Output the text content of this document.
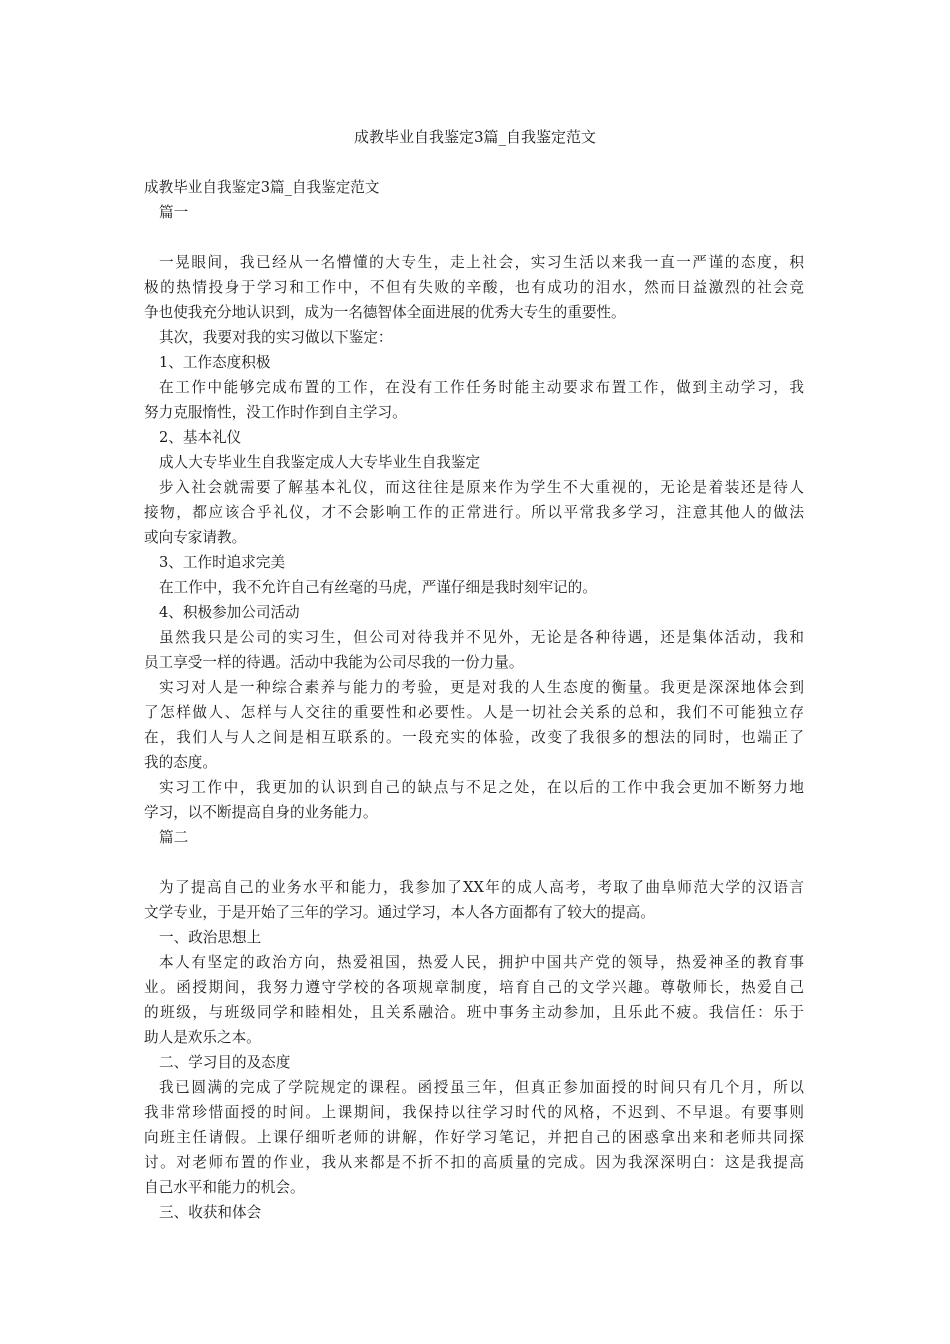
成教毕业自我鉴定3篇_自我鉴定范文
成教毕业自我鉴定3篇_自我鉴定范文
篇一
一晃眼间，我已经从一名懵懂的大专生，走上社会，实习生活以来我一直一严谨的态度，积
极的热情投身于学习和工作中，不但有失败的辛酸，也有成功的泪水，然而日益激烈的社会竞
争也使我充分地认识到，成为一名德智体全面进展的优秀大专生的重要性。
其次，我要对我的实习做以下鉴定：
1、工作态度积极
在工作中能够完成布置的工作，在没有工作任务时能主动要求布置工作，做到主动学习，我
努力克服惰性，没工作时作到自主学习。
2、基本礼仪
成人大专毕业生自我鉴定成人大专毕业生自我鉴定
步入社会就需要了解基本礼仪，而这往往是原来作为学生不大重视的，无论是着装还是待人
接物，都应该合乎礼仪，才不会影响工作的正常进行。所以平常我多学习，注意其他人的做法
或向专家请教。
3、工作时追求完美
在工作中，我不允许自己有丝毫的马虎，严谨仔细是我时刻牢记的。
4、积极参加公司活动
虽然我只是公司的实习生，但公司对待我并不见外，无论是各种待遇，还是集体活动，我和
员工享受一样的待遇。活动中我能为公司尽我的一份力量。
实习对人是一种综合素养与能力的考验，更是对我的人生态度的衡量。我更是深深地体会到
了怎样做人、怎样与人交往的重要性和必要性。人是一切社会关系的总和，我们不可能独立存
在，我们人与人之间是相互联系的。一段充实的体验，改变了我很多的想法的同时，也端正了
我的态度。
实习工作中，我更加的认识到自己的缺点与不足之处，在以后的工作中我会更加不断努力地
学习，以不断提高自身的业务能力。
篇二
为了提高自己的业务水平和能力，我参加了XX年的成人高考，考取了曲阜师范大学的汉语言
文学专业，于是开始了三年的学习。通过学习，本人各方面都有了较大的提高。
一、政治思想上
本人有坚定的政治方向，热爱祖国，热爱人民，拥护中国共产党的领导，热爱神圣的教育事
业。函授期间，我努力遵守学校的各项规章制度，培育自己的文学兴趣。尊敬师长，热爱自己
的班级，与班级同学和睦相处，且关系融洽。班中事务主动参加，且乐此不疲。我信任：乐于
助人是欢乐之本。
二、学习目的及态度
我已圆满的完成了学院规定的课程。函授虽三年，但真正参加面授的时间只有几个月，所以
我非常珍惜面授的时间。上课期间，我保持以往学习时代的风格，不迟到、不早退。有要事则
向班主任请假。上课仔细听老师的讲解，作好学习笔记，并把自己的困惑拿出来和老师共同探
讨。对老师布置的作业，我从来都是不折不扣的高质量的完成。因为我深深明白：这是我提高
自己水平和能力的机会。
三、收获和体会
